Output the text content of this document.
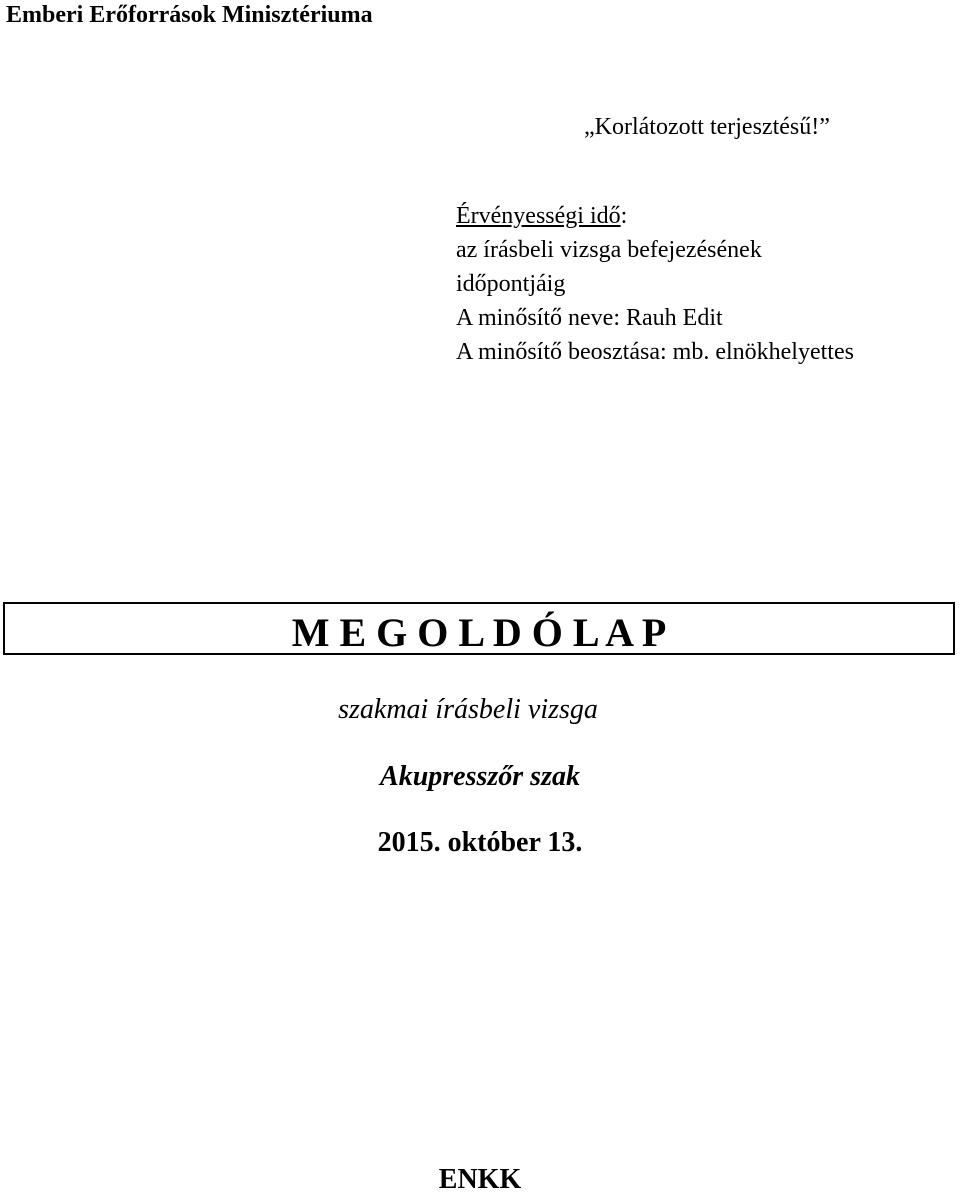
Emberi Erőforrások Minisztériuma
„Korlátozott terjesztésű!”
Érvényességi idő:
az írásbeli vizsga befejezésének
időpontjáig
A minősítő neve: Rauh Edit
A minősítő beosztása: mb. elnökhelyettes
M E G O L D Ó L A P
szakmai írásbeli vizsga
Akupresszőr szak
2015. október 13.
ENKK
